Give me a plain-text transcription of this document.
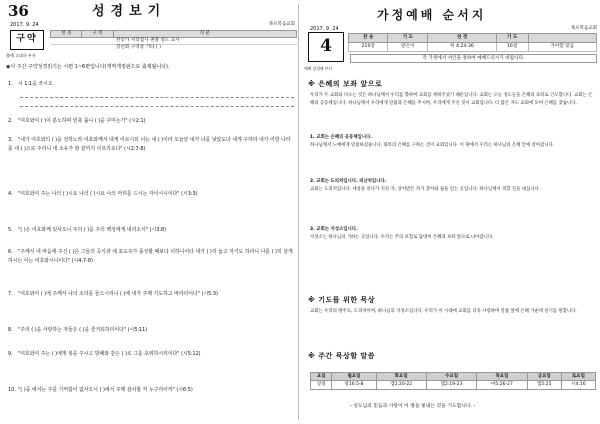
36	성경보기
2017. 9. 24	목포복음교회
구약
출애 고대국 부서
성 경	구 역	직 분
		찬송가 서리집사 권찰 성도 교사
		장년회 구역장 기타 ( )
◉이 주간 구약성경읽기는 시편 1~6편입니다(개역개정판으로 출제됩니다).
1. 시 1:1을 쓰시오.
2. "여호와여 ( )이 분노하며 빈축 줍니 ( )을 꾸미는가" (시2:1)
3. "내가 여호와의 ( )을 전하노라 여호와께서 내게 이르시되 너는 내 ( )이라 오늘날 내가 너를 낳았도다 내게 구하라 내가 이방 나라를 네 ( )으로 주리니 네 소유가 땅 끝까지 이르리로다" (시2:7-8)
4. "여호와여 주는 나의 ( )시요 나의 ( )시요 나의 머리를 드시는 자이시니이다" (시3:3)
5. "( )은 여호와께 있사오니 주의 ( )을 주의 백성에게 내리소서" (시3:8)
6. "주께서 내 마음에 주신 ( )은 그들의 곡식과 새 포도주가 풍성할 때보다 더하니이다 내가 ( )히 눕고 자기도 하리니 나를 ( )히 살게 하시는 이는 여호와시니이다" (시4:7-8)
7. "여호와여 ( )에 주께서 나의 소리를 들으시리니 ( )에 내가 주께 기도하고 바라리이다" (시5:3)
8. "주의 ( )을 사랑하는 자들은 ( )을 즐거워하리이다" (시5:11)
9. "여호와여 주는 ( )에게 복을 주시고 방패와 같은 ( )로 그를 호위하시리이다" (시5:12)
10. "( )중 에서는 주를 기억함이 없사오니 ( )에서 주께 감사할 자 누구리이까" (시6:5)
가정예배 순서지
2017. 9. 24	목포복음교회
4
예배 강경해 부서
찬 송	기 도	성 경	기 도	
210장	맡은이	히 4:24-36	16절	가야할 맡음
각 가정에서 서인을 정하여 예배드리시기 바랍니다.
※ 은혜의 보좌 앞으로
우리가 두 교회와 다오는 것은 하나님께서 우리를 향하여 교회를 세워주셨기 때문입니다. 교회는 오늘 성도들을 은혜의 보좌로 인도합니다. 교회는 은혜의 공동체입니다. 하나님께서 우리에게 말씀과 은혜를 주시며, 우리에게 주신 것이 교회입니다. 더 많은 자도 교회에 모여 은혜를 찾습니다.
1. 교회는 은혜의 공동체입니다.
하나님께서 노예에게 말씀하셨습니다. 회복의 은혜를 구하는 것이 교회입니다. 이 땅에서 우리는 하나님의 은혜 안에 살아갑니다.
2. 교회는 도피처입니다. 피난처입니다.
교회는 도피처입니다. 세상을 살다가 지친 자, 상처받은 자가 찾아와 쉼을 얻는 곳입니다. 하나님께서 피할 길을 내십니다.
3. 교회는 지성소입니다.
지성소는 하나님의 거하는 곳입니다. 우리는 주의 보혈로 담대히 은혜의 보좌 앞으로 나아갑니다.
※ 기도를 위한 묵상
교회는 우리의 방주요, 도피처이며, 하나님의 지성소입니다. 우리가 이 시대에 교회를 더욱 사랑하며 말씀 앞에 은혜 가운데 살기를 원합니다.
※ 주간 묵상할 말씀
요일	월요일	화요일	수요일	목요일	금요일	토요일
장절	창16:5-8	엡2:20-22	엡2:19-23	마5:26-27	엡5:25	시4:16
- 성도님의 믿음과 사랑이 이 땅을 빛내는 것을 기도합니다. -
